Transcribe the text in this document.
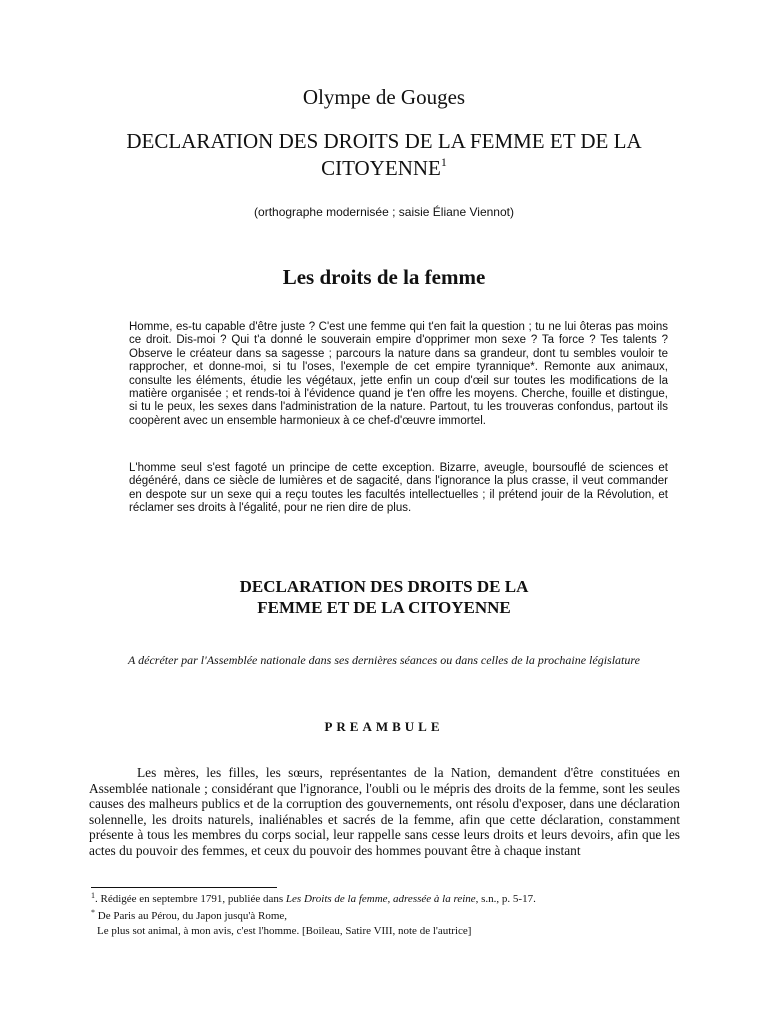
Olympe de Gouges
DECLARATION DES DROITS DE LA FEMME ET DE LA CITOYENNE$^1$
(orthographe modernisée ; saisie Éliane Viennot)
Les droits de la femme

Homme, es-tu capable d'être juste ? C'est une femme qui t'en fait la question ; tu ne lui ôteras pas moins ce droit. Dis-moi ? Qui t'a donné le souverain empire d'opprimer mon sexe ? Ta force ? Tes talents ? Observe le créateur dans sa sagesse ; parcours la nature dans sa grandeur, dont tu sembles vouloir te rapprocher, et donne-moi, si tu l'oses, l'exemple de cet empire tyrannique*. Remonte aux animaux, consulte les éléments, étudie les végétaux, jette enfin un coup d'œil sur toutes les modifications de la matière organisée ; et rends-toi à l'évidence quand je t'en offre les moyens. Cherche, fouille et distingue, si tu le peux, les sexes dans l'administration de la nature. Partout, tu les trouveras confondus, partout ils coopèrent avec un ensemble harmonieux à ce chef-d'œuvre immortel.

L'homme seul s'est fagoté un principe de cette exception. Bizarre, aveugle, boursouflé de sciences et dégénéré, dans ce siècle de lumières et de sagacité, dans l'ignorance la plus crasse, il veut commander en despote sur un sexe qui a reçu toutes les facultés intellectuelles ; il prétend jouir de la Révolution, et réclamer ses droits à l'égalité, pour ne rien dire de plus.

DECLARATION DES DROITS DE LA
FEMME ET DE LA CITOYENNE
A décréter par l'Assemblée nationale dans ses dernières séances ou dans celles de la prochaine législature
PREAMBULE

Les mères, les filles, les sœurs, représentantes de la Nation, demandent d'être constituées en Assemblée nationale ; considérant que l'ignorance, l'oubli ou le mépris des droits de la femme, sont les seules causes des malheurs publics et de la corruption des gouvernements, ont résolu d'exposer, dans une déclaration solennelle, les droits naturels, inaliénables et sacrés de la femme, afin que cette déclaration, constamment présente à tous les membres du corps social, leur rappelle sans cesse leurs droits et leurs devoirs, afin que les actes du pouvoir des femmes, et ceux du pouvoir des hommes pouvant être à chaque instant

$^1$. Rédigée en septembre 1791, publiée dans Les Droits de la femme, adressée à la reine, s.n., p. 5-17.
* De Paris au Pérou, du Japon jusqu'à Rome,
Le plus sot animal, à mon avis, c'est l'homme. [Boileau, Satire VIII, note de l'autrice]
